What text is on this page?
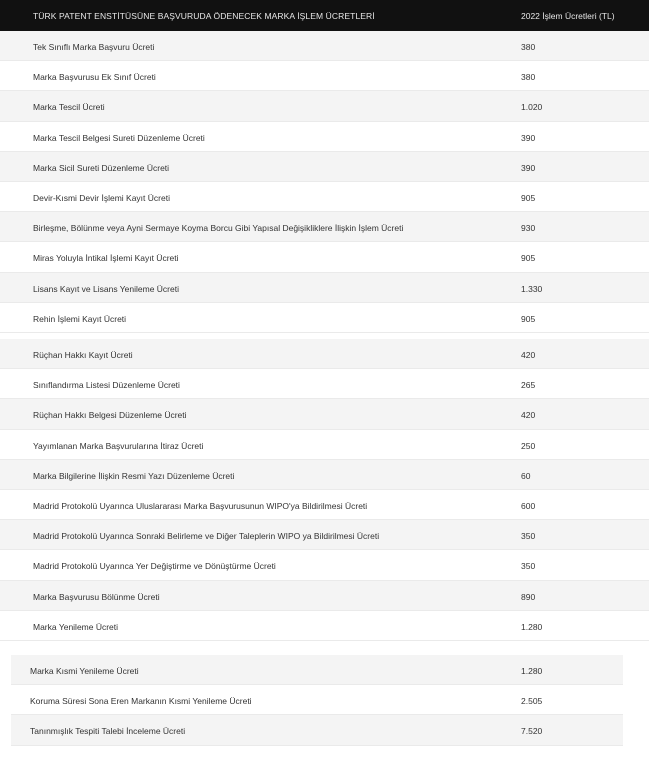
TÜRK PATENT ENSTİTÜSÜNE BAŞVURUDA ÖDENECEK MARKA İŞLEM ÜCRETLERİ	2022 İşlem Ücretleri (TL)
Tek Sınıflı Marka Başvuru Ücreti	380
Marka Başvurusu Ek Sınıf Ücreti	380
Marka Tescil Ücreti	1.020
Marka Tescil Belgesi Sureti Düzenleme Ücreti	390
Marka Sicil Sureti Düzenleme Ücreti	390
Devir-Kısmi Devir İşlemi Kayıt Ücreti	905
Birleşme, Bölünme veya Ayni Sermaye Koyma Borcu Gibi Yapısal Değişikliklere İlişkin İşlem Ücreti	930
Miras Yoluyla İntikal İşlemi Kayıt Ücreti	905
Lisans Kayıt ve Lisans Yenileme Ücreti	1.330
Rehin İşlemi Kayıt Ücreti	905
Rüçhan Hakkı Kayıt Ücreti	420
Sınıflandırma Listesi Düzenleme Ücreti	265
Rüçhan Hakkı Belgesi Düzenleme Ücreti	420
Yayımlanan Marka Başvurularına İtiraz Ücreti	250
Marka Bilgilerine İlişkin Resmi Yazı Düzenleme Ücreti	60
Madrid Protokolü Uyarınca Uluslararası Marka Başvurusunun WIPO'ya Bildirilmesi Ücreti	600
Madrid Protokolü Uyarınca Sonraki Belirleme ve Diğer Taleplerin WIPO ya Bildirilmesi Ücreti	350
Madrid Protokolü Uyarınca Yer Değiştirme ve Dönüştürme Ücreti	350
Marka Başvurusu Bölünme Ücreti	890
Marka Yenileme Ücreti	1.280
Marka Kısmi Yenileme Ücreti	1.280
Koruma Süresi Sona Eren Markanın Kısmi Yenileme Ücreti	2.505
Tanınmışlık Tespiti Talebi İnceleme Ücreti	7.520
